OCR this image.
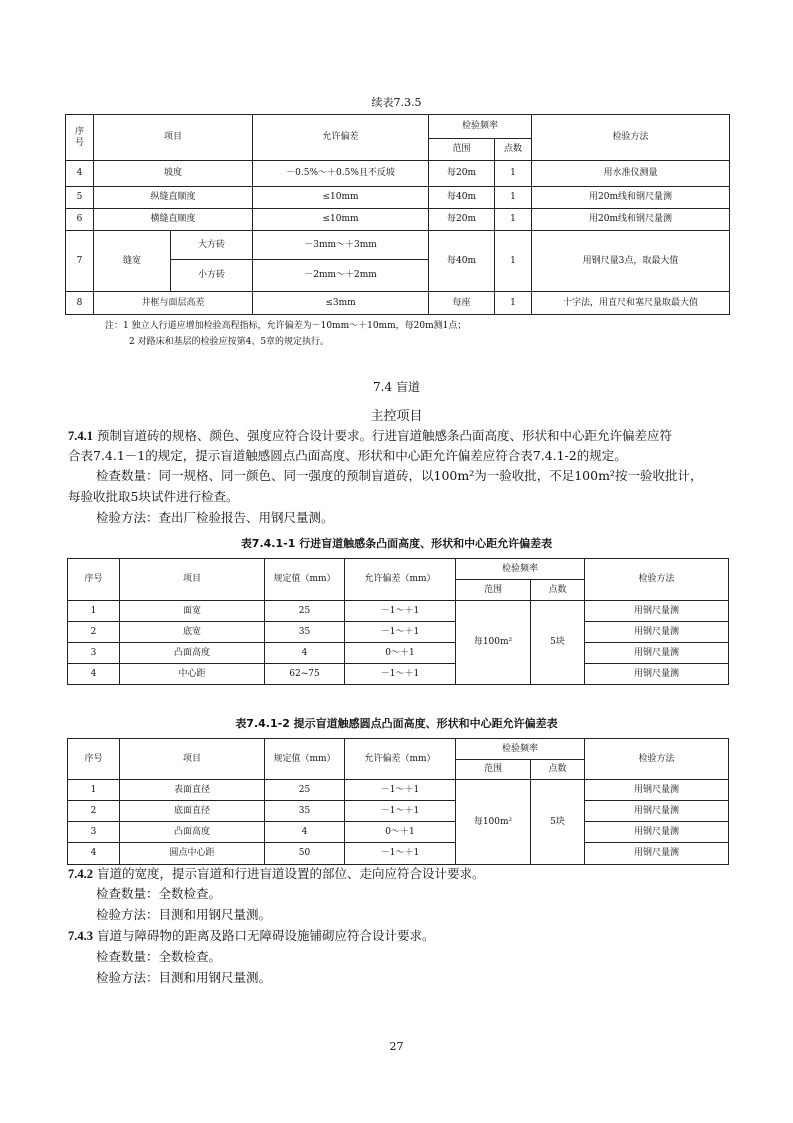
续表7.3.5
序号	项目		允许偏差	检验频率		检验方法
				范围	点数	
4	坡度		－0.5%～＋0.5%且不反坡	每20m	1	用水准仪测量
5	纵缝直顺度		≤10mm	每40m	1	用20m线和钢尺量测
6	横缝直顺度		≤10mm	每20m	1	用20m线和钢尺量测
7	缝宽	大方砖	－3mm～＋3mm	每40m	1	用钢尺量3点，取最大值
		小方砖	－2mm～＋2mm			
8	井框与面层高差		≤3mm	每座	1	十字法，用直尺和塞尺量取最大值
注：1 独立人行道应增加检验高程指标，允许偏差为－10mm～＋10mm，每20m测1点；
2 对路床和基层的检验应按第4、5章的规定执行。
7.4 盲道
主控项目
7.4.1 预制盲道砖的规格、颜色、强度应符合设计要求。行进盲道触感条凸面高度、形状和中心距允许偏差应符
合表7.4.1－1的规定，提示盲道触感圆点凸面高度、形状和中心距允许偏差应符合表7.4.1-2的规定。
检查数量：同一规格、同一颜色、同一强度的预制盲道砖，以100m²为一验收批，不足100m²按一验收批计，
每验收批取5块试件进行检查。
检验方法：查出厂检验报告、用钢尺量测。
表7.4.1-1 行进盲道触感条凸面高度、形状和中心距允许偏差表
序号	项目	规定值（mm）	允许偏差（mm）	检验频率		检验方法
				范围	点数	
1	面宽	25	－1～＋1	每100m²	5块	用钢尺量测
2	底宽	35	－1～＋1			用钢尺量测
3	凸面高度	4	0～＋1			用钢尺量测
4	中心距	62~75	－1～＋1			用钢尺量测
表7.4.1-2 提示盲道触感圆点凸面高度、形状和中心距允许偏差表
序号	项目	规定值（mm）	允许偏差（mm）	检验频率		检验方法
				范围	点数	
1	表面直径	25	－1～＋1	每100m²	5块	用钢尺量测
2	底面直径	35	－1～＋1			用钢尺量测
3	凸面高度	4	0～＋1			用钢尺量测
4	圆点中心距	50	－1～＋1			用钢尺量测
7.4.2 盲道的宽度，提示盲道和行进盲道设置的部位、走向应符合设计要求。
检查数量：全数检查。
检验方法：目测和用钢尺量测。
7.4.3 盲道与障碍物的距离及路口无障碍设施铺砌应符合设计要求。
检查数量：全数检查。
检验方法：目测和用钢尺量测。
27
